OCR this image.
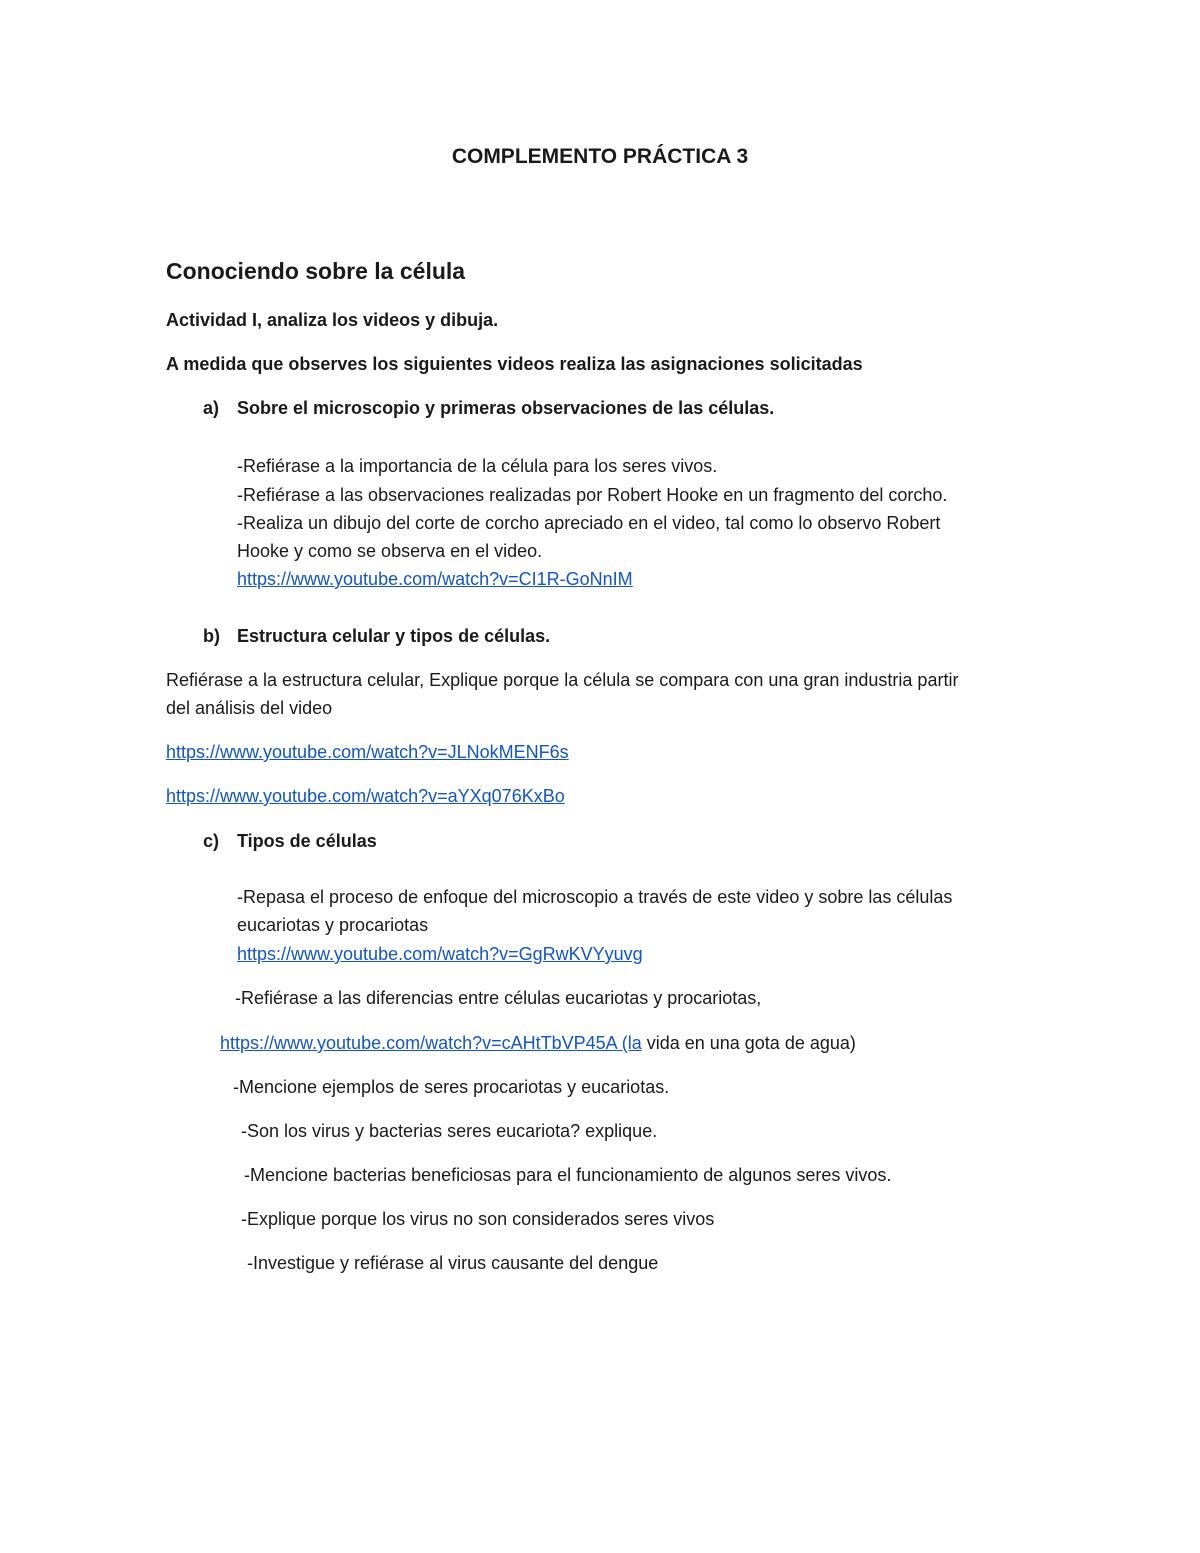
COMPLEMENTO PRÁCTICA 3
Conociendo sobre la célula
Actividad I, analiza los videos y dibuja.
A medida que observes los siguientes videos realiza las asignaciones solicitadas
a) Sobre el microscopio y primeras observaciones de las células.
-Refiérase a la importancia de la célula para los seres vivos.
-Refiérase a las observaciones realizadas por Robert Hooke en un fragmento del corcho.
-Realiza un dibujo del corte de corcho apreciado en el video, tal como lo observo Robert
Hooke y como se observa en el video.
https://www.youtube.com/watch?v=CI1R-GoNnIM
b) Estructura celular y tipos de células.
Refiérase a la estructura celular, Explique porque la célula se compara con una gran industria partir
del análisis del video
https://www.youtube.com/watch?v=JLNokMENF6s
https://www.youtube.com/watch?v=aYXq076KxBo
c) Tipos de células
-Repasa el proceso de enfoque del microscopio a través de este video y sobre las células
eucariotas y procariotas
https://www.youtube.com/watch?v=GgRwKVYyuvg
-Refiérase a las diferencias entre células eucariotas y procariotas,
https://www.youtube.com/watch?v=cAHtTbVP45A (la vida en una gota de agua)
-Mencione ejemplos de seres procariotas y eucariotas.
-Son los virus y bacterias seres eucariota? explique.
-Mencione bacterias beneficiosas para el funcionamiento de algunos seres vivos.
-Explique porque los virus no son considerados seres vivos
-Investigue y refiérase al virus causante del dengue
